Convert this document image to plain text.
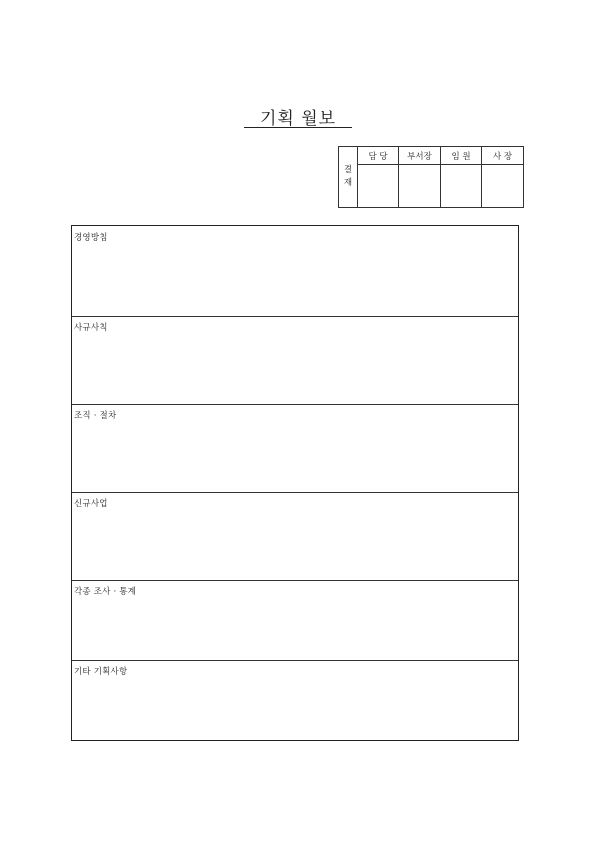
기획 월보
결
재	담 당	부서장	임 원	사 장

경영방침
사규사칙
조직 · 절차
신규사업
각종 조사 · 통계
기타 기획사항
